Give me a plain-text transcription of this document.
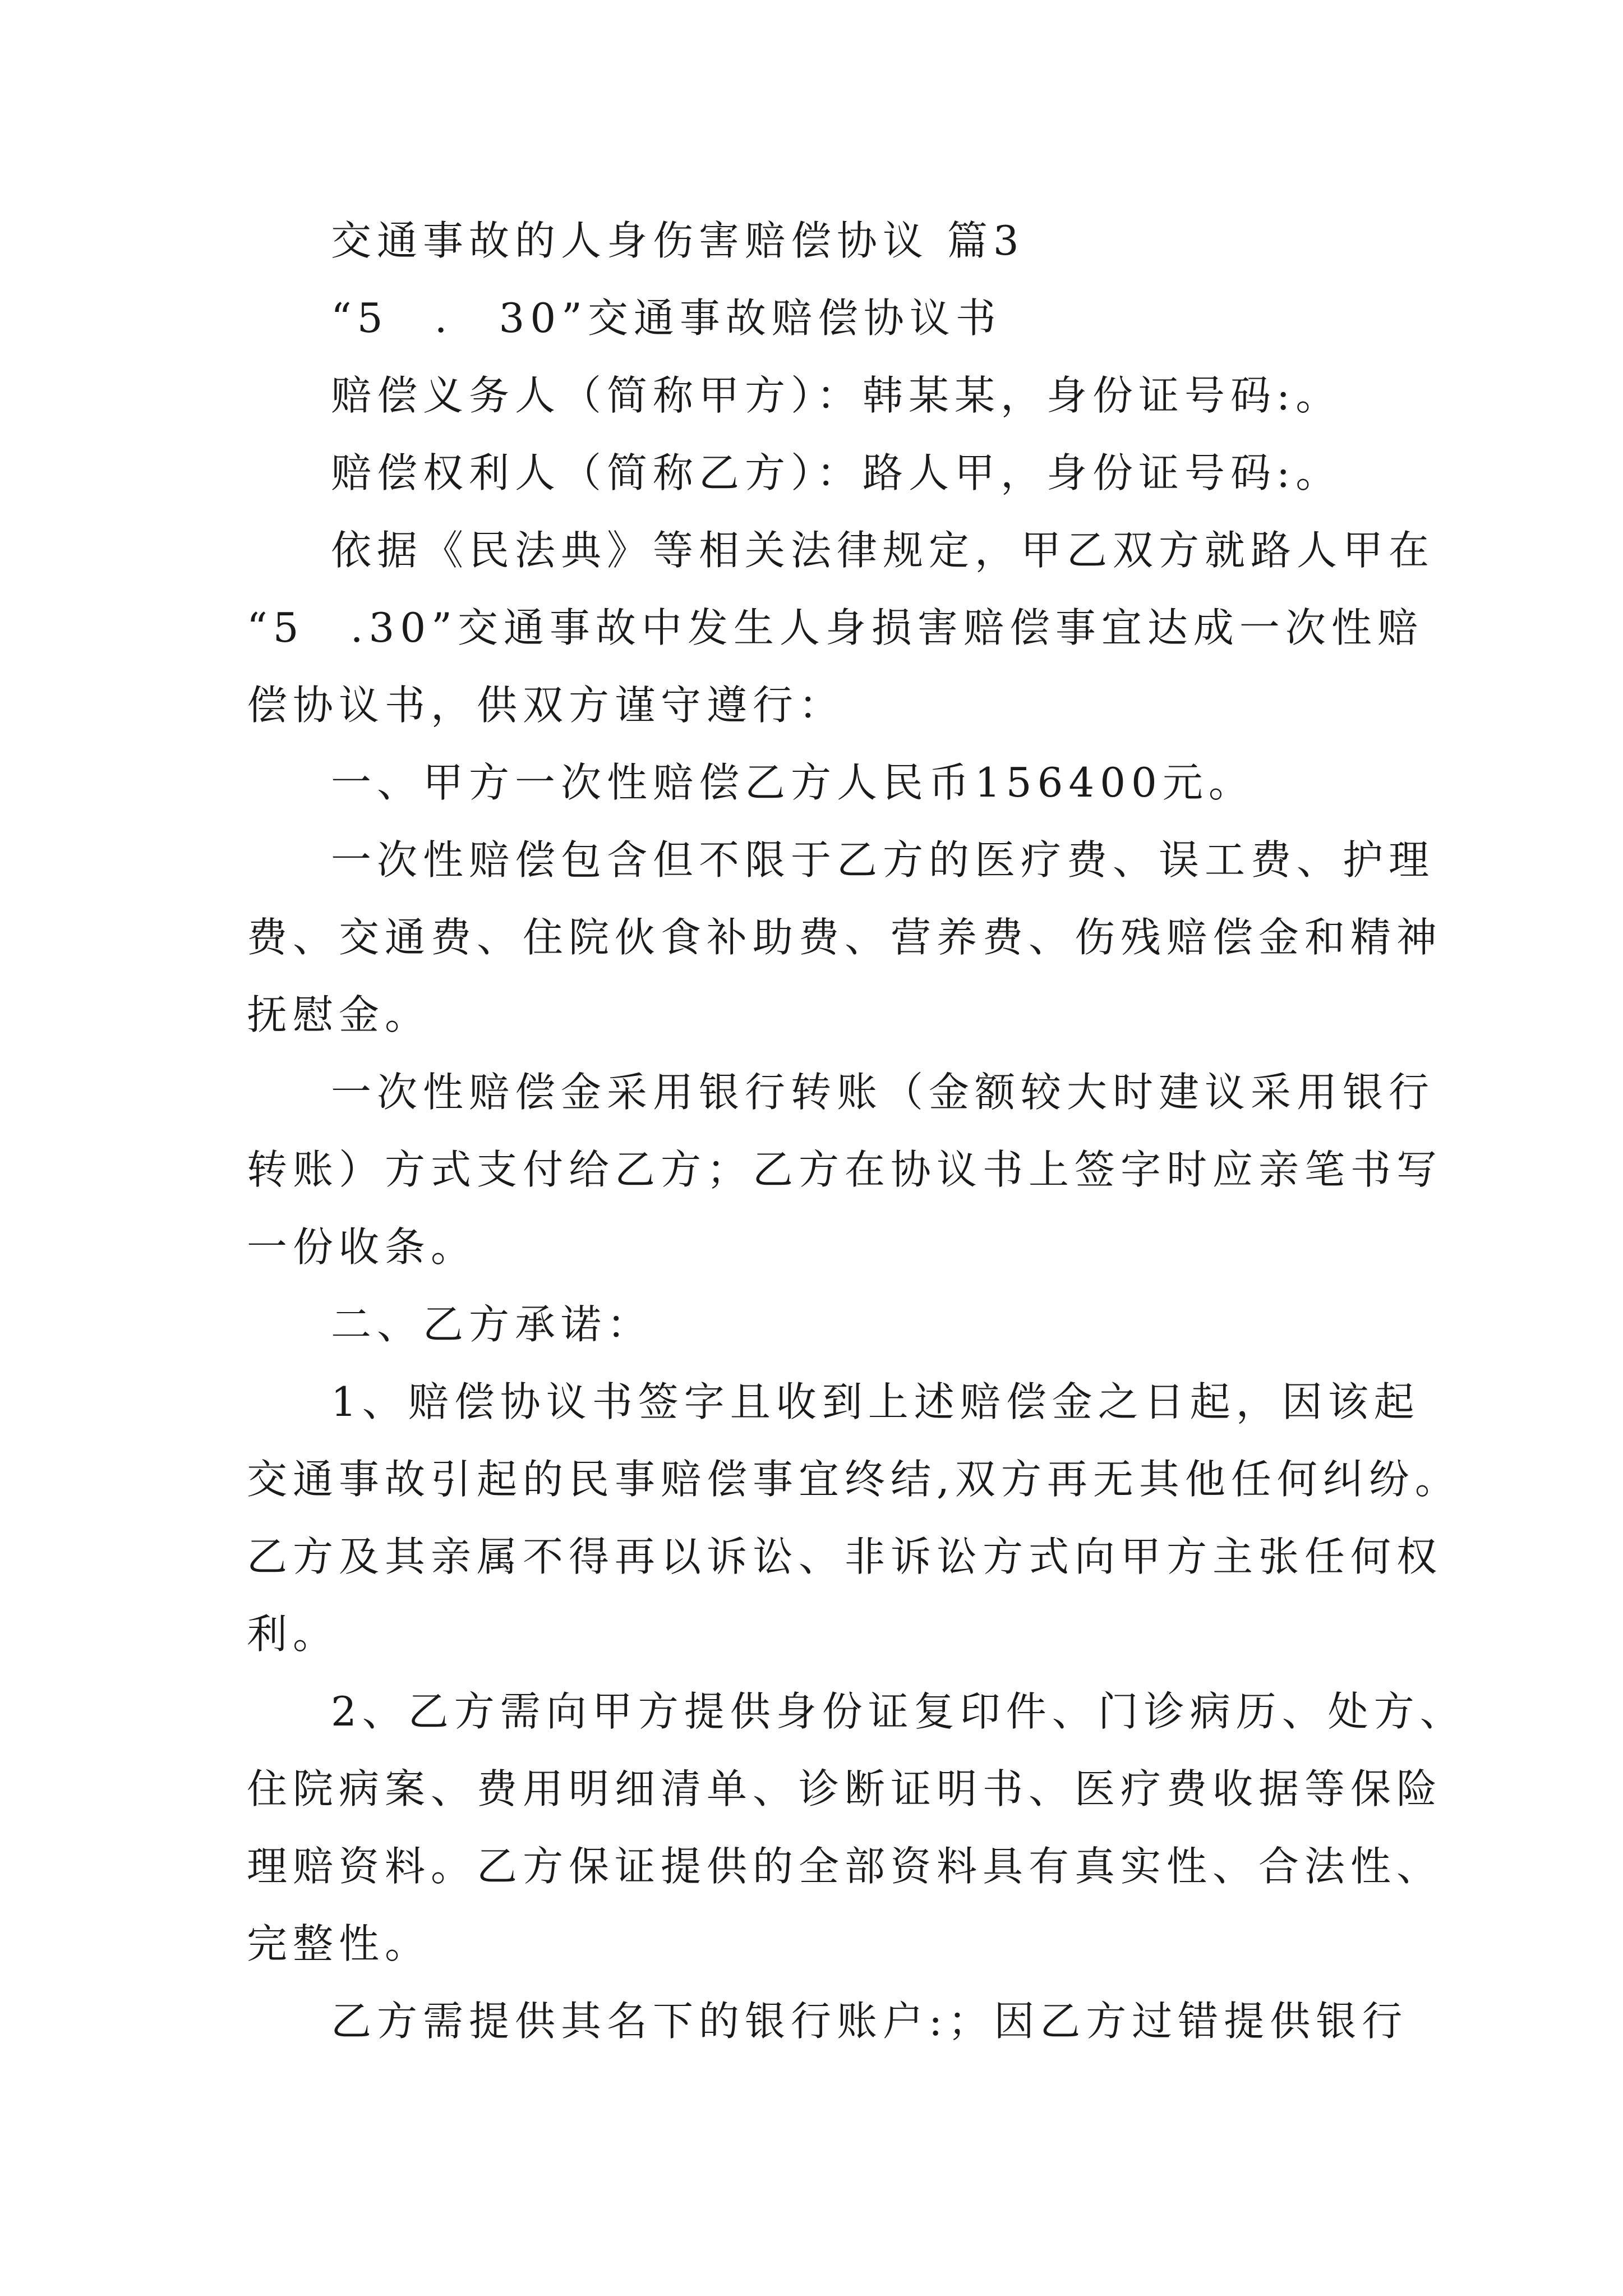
交通事故的人身伤害赔偿协议 篇3
“5　.　30”交通事故赔偿协议书
赔偿义务人（简称甲方）：韩某某，身份证号码:。
赔偿权利人（简称乙方）：路人甲，身份证号码:。
依据《民法典》等相关法律规定，甲乙双方就路人甲在
“5　.30”交通事故中发生人身损害赔偿事宜达成一次性赔
偿协议书，供双方谨守遵行：
一、甲方一次性赔偿乙方人民币156400元。
一次性赔偿包含但不限于乙方的医疗费、误工费、护理
费、交通费、住院伙食补助费、营养费、伤残赔偿金和精神
抚慰金。
一次性赔偿金采用银行转账（金额较大时建议采用银行
转账）方式支付给乙方；乙方在协议书上签字时应亲笔书写
一份收条。
二、乙方承诺：
1、赔偿协议书签字且收到上述赔偿金之日起，因该起
交通事故引起的民事赔偿事宜终结,双方再无其他任何纠纷。
乙方及其亲属不得再以诉讼、非诉讼方式向甲方主张任何权
利。
2、乙方需向甲方提供身份证复印件、门诊病历、处方、
住院病案、费用明细清单、诊断证明书、医疗费收据等保险
理赔资料。乙方保证提供的全部资料具有真实性、合法性、
完整性。
乙方需提供其名下的银行账户:；因乙方过错提供银行
